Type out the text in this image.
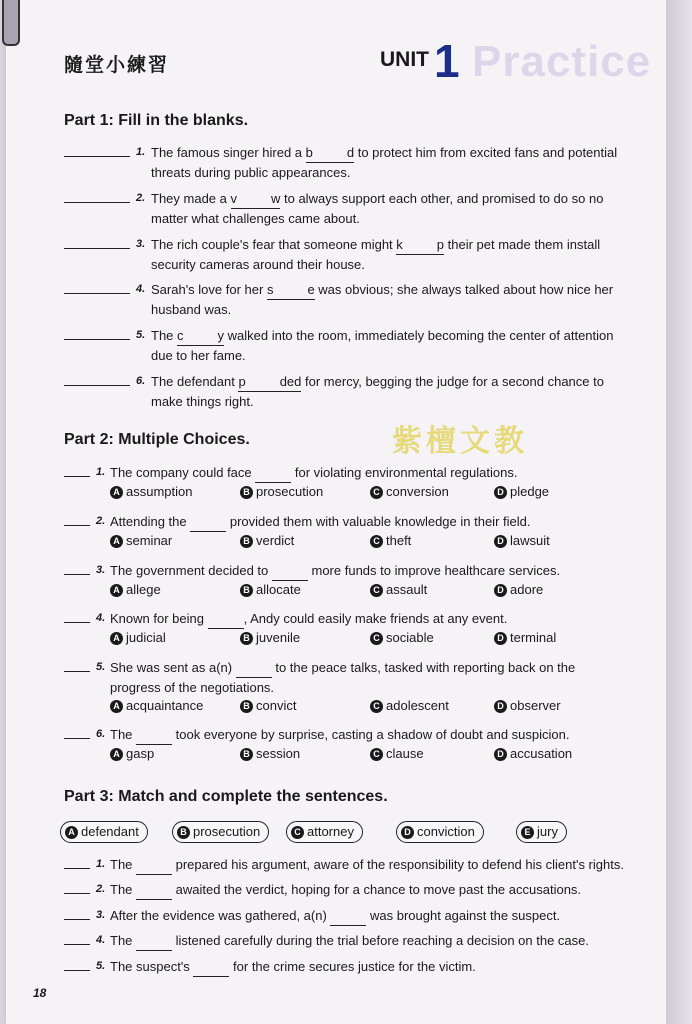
隨堂小練習	UNIT 1 Practice
紫檀文教
Part 1: Fill in the blanks.
1. The famous singer hired a b	d to protect him from excited fans and potential
threats during public appearances.
2. They made a v	w to always support each other, and promised to do so no
matter what challenges came about.
3. The rich couple's fear that someone might k	p their pet made them install
security cameras around their house.
4. Sarah's love for her s	e was obvious; she always talked about how nice her
husband was.
5. The c	y walked into the room, immediately becoming the center of attention
due to her fame.
6. The defendant p	ded for mercy, begging the judge for a second chance to
make things right.
Part 2: Multiple Choices.
1. The company could face	for violating environmental regulations.
A assumption	B prosecution	C conversion	D pledge
2. Attending the	provided them with valuable knowledge in their field.
A seminar	B verdict	C theft	D lawsuit
3. The government decided to	more funds to improve healthcare services.
A allege	B allocate	C assault	D adore
4. Known for being	, Andy could easily make friends at any event.
A judicial	B juvenile	C sociable	D terminal
5. She was sent as a(n)	to the peace talks, tasked with reporting back on the
progress of the negotiations.
A acquaintance	B convict	C adolescent	D observer
6. The	took everyone by surprise, casting a shadow of doubt and suspicion.
A gasp	B session	C clause	D accusation
Part 3: Match and complete the sentences.
A defendant	B prosecution	C attorney	D conviction	E jury
1. The	prepared his argument, aware of the responsibility to defend his client's rights.
2. The	awaited the verdict, hoping for a chance to move past the accusations.
3. After the evidence was gathered, a(n)	was brought against the suspect.
4. The	listened carefully during the trial before reaching a decision on the case.
5. The suspect's	for the crime secures justice for the victim.
18
